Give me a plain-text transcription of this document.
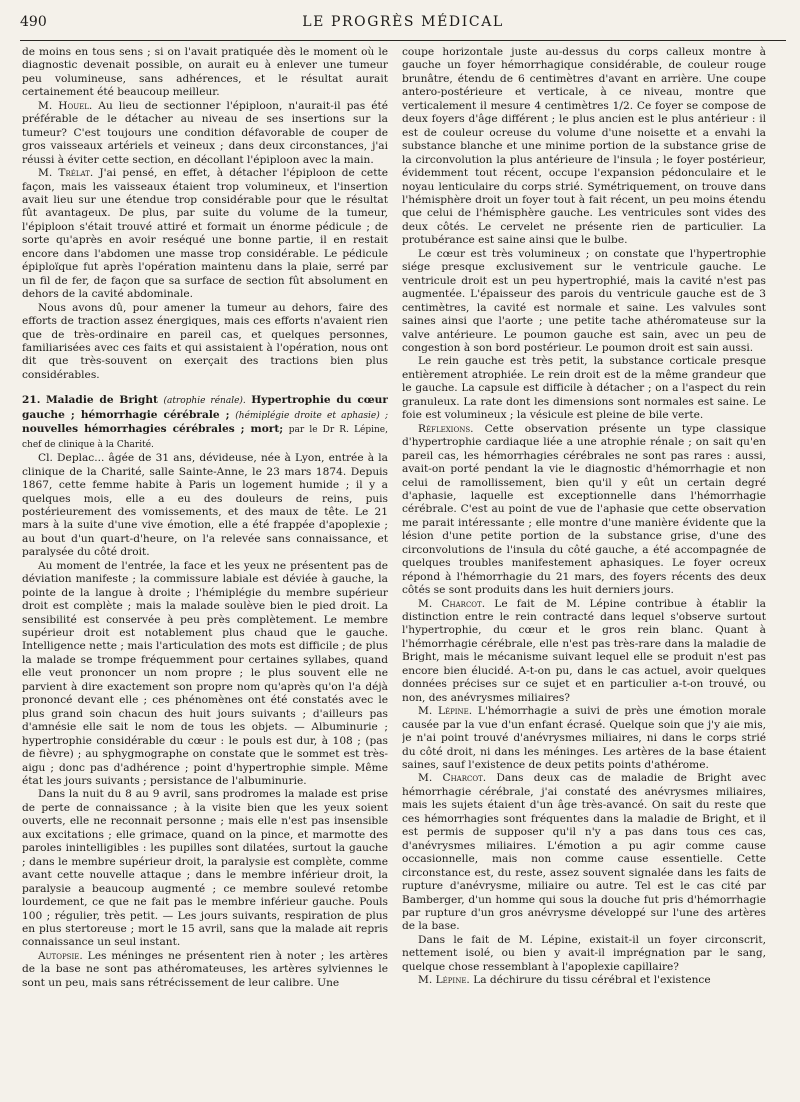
490	LE PROGRÈS MÉDICAL

de moins en tous sens ; si on l'avait pratiquée dès le moment où le diagnostic devenait possible, on aurait eu à enlever une tumeur peu volumineuse, sans adhérences, et le résultat aurait certainement été beaucoup meilleur.

M. Houel. Au lieu de sectionner l'épiploon, n'aurait-il pas été préférable de le détacher au niveau de ses insertions sur la tumeur? C'est toujours une condition défavorable de couper de gros vaisseaux artériels et veineux ; dans deux circonstances, j'ai réussi à éviter cette section, en décollant l'épiploon avec la main.

M. Trélat. J'ai pensé, en effet, à détacher l'épiploon de cette façon, mais les vaisseaux étaient trop volumineux, et l'insertion avait lieu sur une étendue trop considérable pour que le résultat fût avantageux. De plus, par suite du volume de la tumeur, l'épiploon s'était trouvé attiré et formait un énorme pédicule ; de sorte qu'après en avoir reséqué une bonne partie, il en restait encore dans l'abdomen une masse trop considérable. Le pédicule épiploïque fut après l'opération maintenu dans la plaie, serré par un fil de fer, de façon que sa surface de section fût absolument en dehors de la cavité abdominale.

Nous avons dû, pour amener la tumeur au dehors, faire des efforts de traction assez énergiques, mais ces efforts n'avaient rien que de très-ordinaire en pareil cas, et quelques personnes, familiarisées avec ces faits et qui assistaient à l'opération, nous ont dit que très-souvent on exerçait des tractions bien plus considérables.

21. Maladie de Bright (atrophie rénale). Hypertrophie du cœur gauche ; hémorrhagie cérébrale ; (hémiplégie droite et aphasie) ; nouvelles hémorrhagies cérébrales ; mort; par le Dr R. Lépine, chef de clinique à la Charité.

Cl. Deplac... âgée de 31 ans, dévideuse, née à Lyon, entrée à la clinique de la Charité, salle Sainte-Anne, le 23 mars 1874. Depuis 1867, cette femme habite à Paris un logement humide ; il y a quelques mois, elle a eu des douleurs de reins, puis postérieurement des vomissements, et des maux de tête. Le 21 mars à la suite d'une vive émotion, elle a été frappée d'apoplexie ; au bout d'un quart-d'heure, on l'a relevée sans connaissance, et paralysée du côté droit.

Au moment de l'entrée, la face et les yeux ne présentent pas de déviation manifeste ; la commissure labiale est déviée à gauche, la pointe de la langue à droite ; l'hémiplégie du membre supérieur droit est complète ; mais la malade soulève bien le pied droit. La sensibilité est conservée à peu près complètement. Le membre supérieur droit est notablement plus chaud que le gauche. Intelligence nette ; mais l'articulation des mots est difficile ; de plus la malade se trompe fréquemment pour certaines syllabes, quand elle veut prononcer un nom propre ; le plus souvent elle ne parvient à dire exactement son propre nom qu'après qu'on l'a déjà prononcé devant elle ; ces phénomènes ont été constatés avec le plus grand soin chacun des huit jours suivants ; d'ailleurs pas d'amnésie elle sait le nom de tous les objets. — Albuminurie ; hypertrophie considérable du cœur : le pouls est dur, à 108 ; (pas de fièvre) ; au sphygmographe on constate que le sommet est très-aigu ; donc pas d'adhérence ; point d'hypertrophie simple. Même état les jours suivants ; persistance de l'albuminurie.

Dans la nuit du 8 au 9 avril, sans prodromes la malade est prise de perte de connaissance ; à la visite bien que les yeux soient ouverts, elle ne reconnait personne ; mais elle n'est pas insensible aux excitations ; elle grimace, quand on la pince, et marmotte des paroles inintelligibles : les pupilles sont dilatées, surtout la gauche ; dans le membre supérieur droit, la paralysie est complète, comme avant cette nouvelle attaque ; dans le membre inférieur droit, la paralysie a beaucoup augmenté ; ce membre soulevé retombe lourdement, ce que ne fait pas le membre inférieur gauche. Pouls 100 ; régulier, très petit. — Les jours suivants, respiration de plus en plus stertoreuse ; mort le 15 avril, sans que la malade ait repris connaissance un seul instant.

Autopsie. Les méninges ne présentent rien à noter ; les artères de la base ne sont pas athéromateuses, les artères sylviennes le sont un peu, mais sans rétrécissement de leur calibre. Une

coupe horizontale juste au-dessus du corps calleux montre à gauche un foyer hémorrhagique considérable, de couleur rouge brunâtre, étendu de 6 centimètres d'avant en arrière. Une coupe antero-postérieure et verticale, à ce niveau, montre que verticalement il mesure 4 centimètres 1/2. Ce foyer se compose de deux foyers d'âge différent ; le plus ancien est le plus antérieur : il est de couleur ocreuse du volume d'une noisette et a envahi la substance blanche et une minime portion de la substance grise de la circonvolution la plus antérieure de l'insula ; le foyer postérieur, évidemment tout récent, occupe l'expansion pédonculaire et le noyau lenticulaire du corps strié. Symétriquement, on trouve dans l'hémisphère droit un foyer tout à fait récent, un peu moins étendu que celui de l'hémisphère gauche. Les ventricules sont vides des deux côtés. Le cervelet ne présente rien de particulier. La protubérance est saine ainsi que le bulbe.

Le cœur est très volumineux ; on constate que l'hypertrophie siége presque exclusivement sur le ventricule gauche. Le ventricule droit est un peu hypertrophié, mais la cavité n'est pas augmentée. L'épaisseur des parois du ventricule gauche est de 3 centimètres, la cavité est normale et saine. Les valvules sont saines ainsi que l'aorte ; une petite tache athéromateuse sur la valve antérieure. Le poumon gauche est sain, avec un peu de congestion à son bord postérieur. Le poumon droit est sain aussi.

Le rein gauche est très petit, la substance corticale presque entièrement atrophiée. Le rein droit est de la même grandeur que le gauche. La capsule est difficile à détacher ; on a l'aspect du rein granuleux. La rate dont les dimensions sont normales est saine. Le foie est volumineux ; la vésicule est pleine de bile verte.

Réflexions. Cette observation présente un type classique d'hypertrophie cardiaque liée a une atrophie rénale ; on sait qu'en pareil cas, les hémorrhagies cérébrales ne sont pas rares : aussi, avait-on porté pendant la vie le diagnostic d'hémorrhagie et non celui de ramollissement, bien qu'il y eût un certain degré d'aphasie, laquelle est exceptionnelle dans l'hémorrhagie cérébrale. C'est au point de vue de l'aphasie que cette observation me parait intéressante ; elle montre d'une manière évidente que la lésion d'une petite portion de la substance grise, d'une des circonvolutions de l'insula du côté gauche, a été accompagnée de quelques troubles manifestement aphasiques. Le foyer ocreux répond à l'hémorrhagie du 21 mars, des foyers récents des deux côtés se sont produits dans les huit derniers jours.

M. Charcot. Le fait de M. Lépine contribue à établir la distinction entre le rein contracté dans lequel s'observe surtout l'hypertrophie, du cœur et le gros rein blanc. Quant à l'hémorrhagie cérébrale, elle n'est pas très-rare dans la maladie de Bright, mais le mécanisme suivant lequel elle se produit n'est pas encore bien élucidé. A-t-on pu, dans le cas actuel, avoir quelques données précises sur ce sujet et en particulier a-t-on trouvé, ou non, des anévrysmes miliaires?

M. Lépine. L'hémorrhagie a suivi de près une émotion morale causée par la vue d'un enfant écrasé. Quelque soin que j'y aie mis, je n'ai point trouvé d'anévrysmes miliaires, ni dans le corps strié du côté droit, ni dans les méninges. Les artères de la base étaient saines, sauf l'existence de deux petits points d'athérome.

M. Charcot. Dans deux cas de maladie de Bright avec hémorrhagie cérébrale, j'ai constaté des anévrysmes miliaires, mais les sujets étaient d'un âge très-avancé. On sait du reste que ces hémorrhagies sont fréquentes dans la maladie de Bright, et il est permis de supposer qu'il n'y a pas dans tous ces cas, d'anévrysmes miliaires. L'émotion a pu agir comme cause occasionnelle, mais non comme cause essentielle. Cette circonstance est, du reste, assez souvent signalée dans les faits de rupture d'anévrysme, miliaire ou autre. Tel est le cas cité par Bamberger, d'un homme qui sous la douche fut pris d'hémorrhagie par rupture d'un gros anévrysme développé sur l'une des artères de la base.

Dans le fait de M. Lépine, existait-il un foyer circonscrit, nettement isolé, ou bien y avait-il imprégnation par le sang, quelque chose ressemblant à l'apoplexie capillaire?

M. Lépine. La déchirure du tissu cérébral et l'existence
